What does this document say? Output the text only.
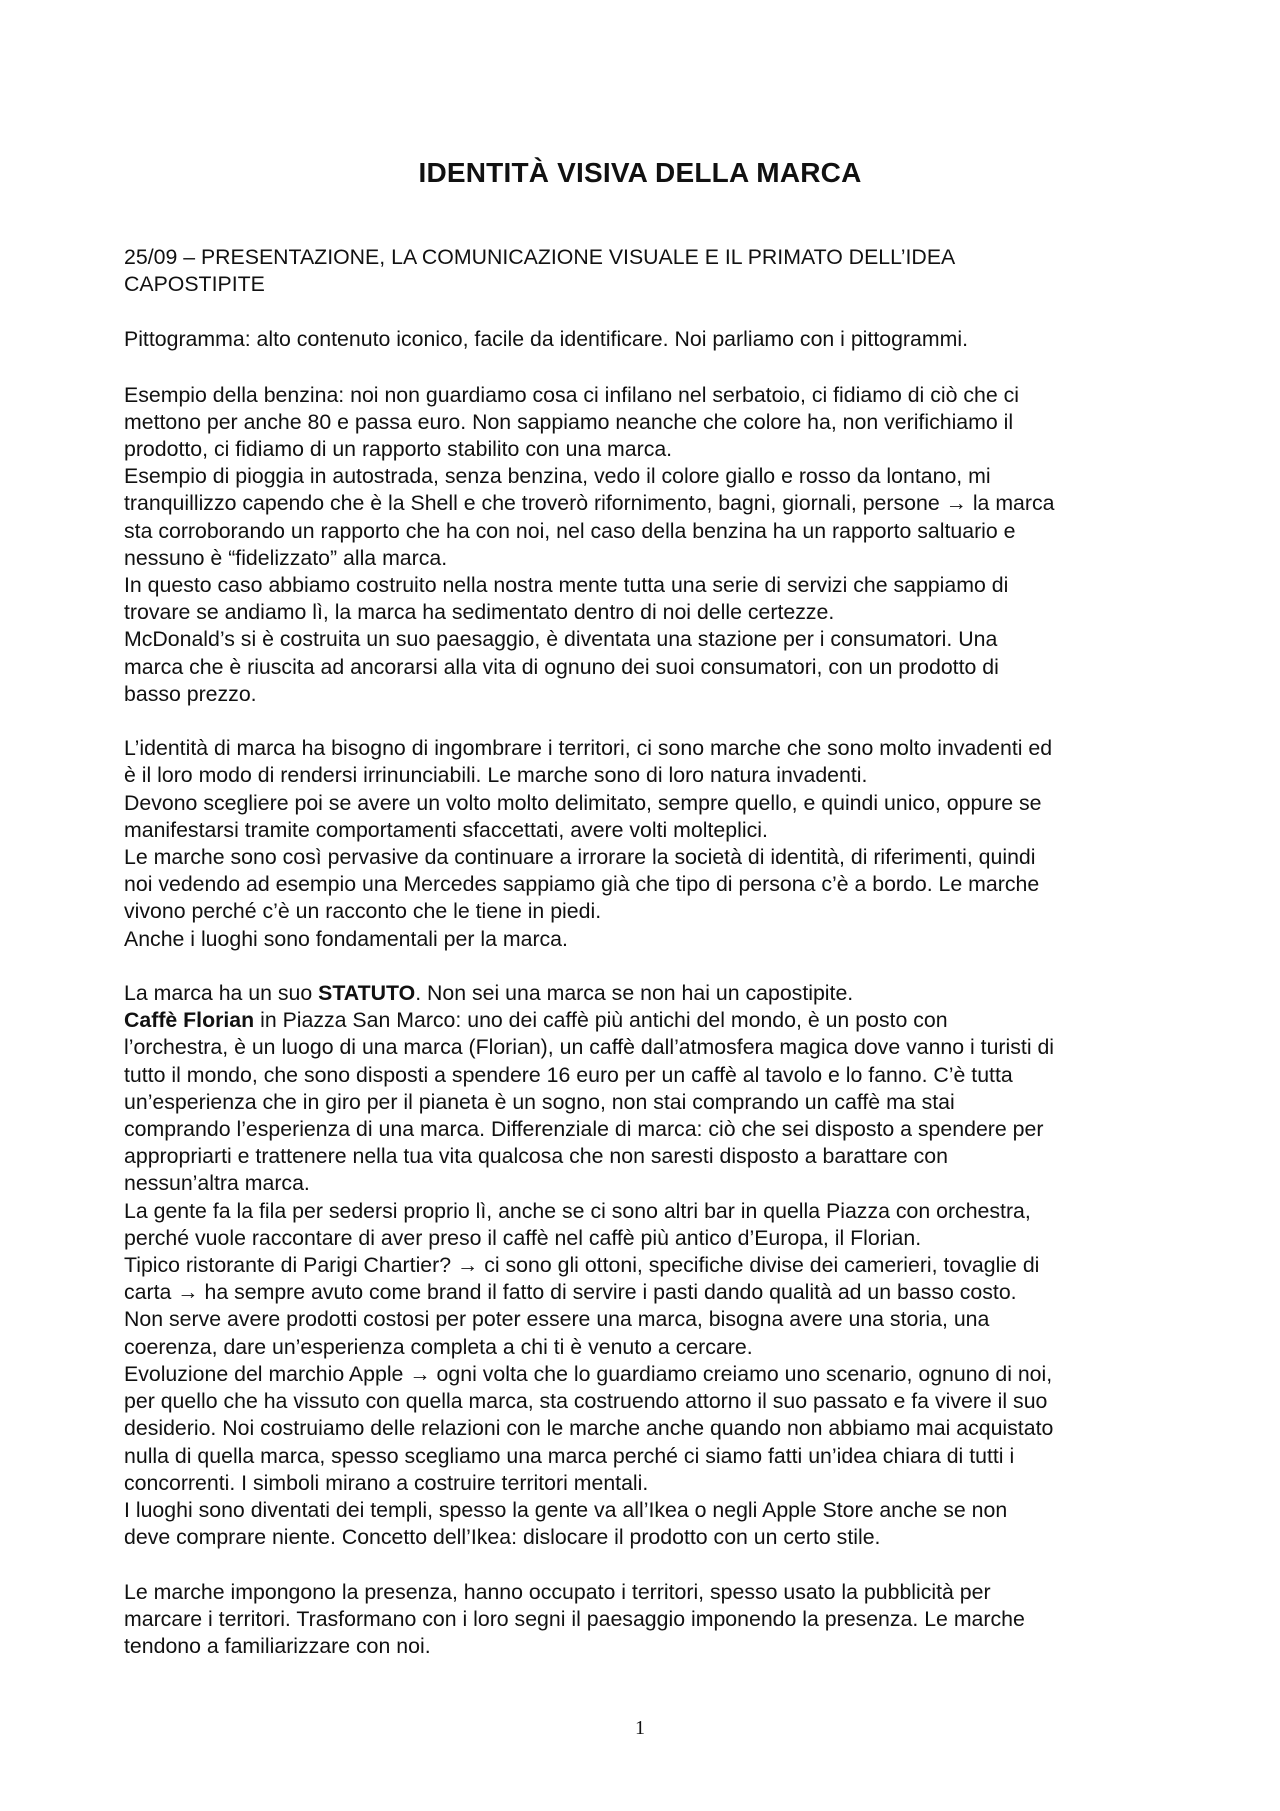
IDENTITÀ VISIVA DELLA MARCA

25/09 – PRESENTAZIONE, LA COMUNICAZIONE VISUALE E IL PRIMATO DELL’IDEA

CAPOSTIPITE

Pittogramma: alto contenuto iconico, facile da identificare. Noi parliamo con i pittogrammi.

Esempio della benzina: noi non guardiamo cosa ci infilano nel serbatoio, ci fidiamo di ciò che ci

mettono per anche 80 e passa euro. Non sappiamo neanche che colore ha, non verifichiamo il

prodotto, ci fidiamo di un rapporto stabilito con una marca.

Esempio di pioggia in autostrada, senza benzina, vedo il colore giallo e rosso da lontano, mi

tranquillizzo capendo che è la Shell e che troverò rifornimento, bagni, giornali, persone → la marca

sta corroborando un rapporto che ha con noi, nel caso della benzina ha un rapporto saltuario e

nessuno è “fidelizzato” alla marca.

In questo caso abbiamo costruito nella nostra mente tutta una serie di servizi che sappiamo di

trovare se andiamo lì, la marca ha sedimentato dentro di noi delle certezze.

McDonald’s si è costruita un suo paesaggio, è diventata una stazione per i consumatori. Una

marca che è riuscita ad ancorarsi alla vita di ognuno dei suoi consumatori, con un prodotto di

basso prezzo.

L’identità di marca ha bisogno di ingombrare i territori, ci sono marche che sono molto invadenti ed

è il loro modo di rendersi irrinunciabili. Le marche sono di loro natura invadenti.

Devono scegliere poi se avere un volto molto delimitato, sempre quello, e quindi unico, oppure se

manifestarsi tramite comportamenti sfaccettati, avere volti molteplici.

Le marche sono così pervasive da continuare a irrorare la società di identità, di riferimenti, quindi

noi vedendo ad esempio una Mercedes sappiamo già che tipo di persona c’è a bordo. Le marche

vivono perché c’è un racconto che le tiene in piedi.

Anche i luoghi sono fondamentali per la marca.

La marca ha un suo STATUTO. Non sei una marca se non hai un capostipite.

Caffè Florian in Piazza San Marco: uno dei caffè più antichi del mondo, è un posto con

l’orchestra, è un luogo di una marca (Florian), un caffè dall’atmosfera magica dove vanno i turisti di

tutto il mondo, che sono disposti a spendere 16 euro per un caffè al tavolo e lo fanno. C’è tutta

un’esperienza che in giro per il pianeta è un sogno, non stai comprando un caffè ma stai

comprando l’esperienza di una marca. Differenziale di marca: ciò che sei disposto a spendere per

appropriarti e trattenere nella tua vita qualcosa che non saresti disposto a barattare con

nessun’altra marca.

La gente fa la fila per sedersi proprio lì, anche se ci sono altri bar in quella Piazza con orchestra,

perché vuole raccontare di aver preso il caffè nel caffè più antico d’Europa, il Florian.

Tipico ristorante di Parigi Chartier? → ci sono gli ottoni, specifiche divise dei camerieri, tovaglie di

carta → ha sempre avuto come brand il fatto di servire i pasti dando qualità ad un basso costo.

Non serve avere prodotti costosi per poter essere una marca, bisogna avere una storia, una

coerenza, dare un’esperienza completa a chi ti è venuto a cercare.

Evoluzione del marchio Apple → ogni volta che lo guardiamo creiamo uno scenario, ognuno di noi,

per quello che ha vissuto con quella marca, sta costruendo attorno il suo passato e fa vivere il suo

desiderio. Noi costruiamo delle relazioni con le marche anche quando non abbiamo mai acquistato

nulla di quella marca, spesso scegliamo una marca perché ci siamo fatti un’idea chiara di tutti i

concorrenti. I simboli mirano a costruire territori mentali.

I luoghi sono diventati dei templi, spesso la gente va all’Ikea o negli Apple Store anche se non

deve comprare niente. Concetto dell’Ikea: dislocare il prodotto con un certo stile.

Le marche impongono la presenza, hanno occupato i territori, spesso usato la pubblicità per

marcare i territori. Trasformano con i loro segni il paesaggio imponendo la presenza. Le marche

tendono a familiarizzare con noi.

1
